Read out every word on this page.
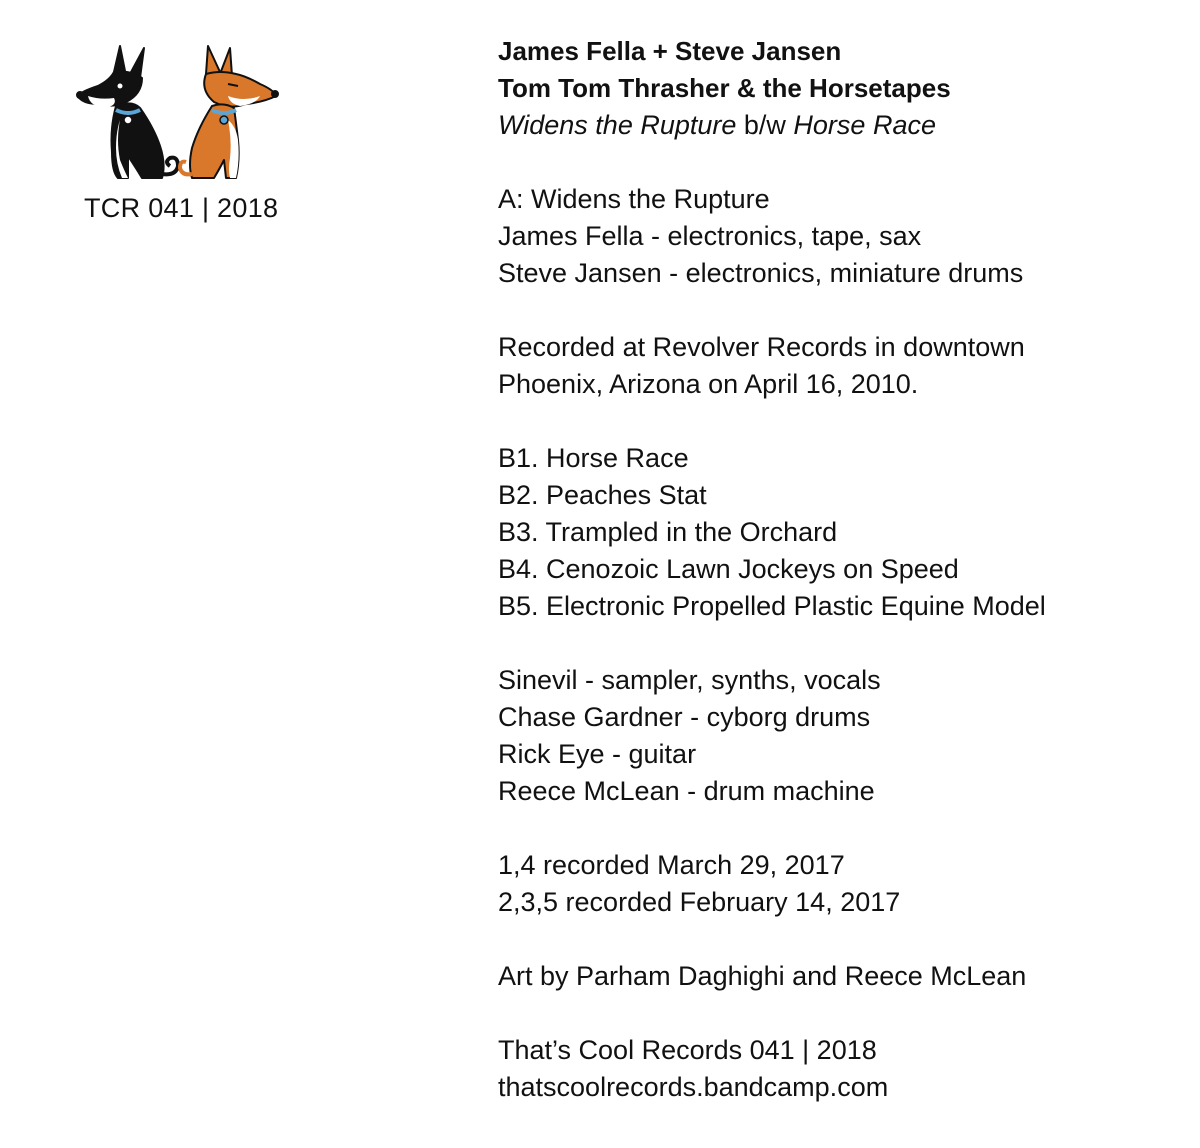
TCR 041 | 2018
James Fella + Steve Jansen
Tom Tom Thrasher & the Horsetapes
Widens the Rupture b/w Horse Race
A: Widens the Rupture
James Fella - electronics, tape, sax
Steve Jansen - electronics, miniature drums
Recorded at Revolver Records in downtown
Phoenix, Arizona on April 16, 2010.
B1. Horse Race
B2. Peaches Stat
B3. Trampled in the Orchard
B4. Cenozoic Lawn Jockeys on Speed
B5. Electronic Propelled Plastic Equine Model
Sinevil - sampler, synths, vocals
Chase Gardner - cyborg drums
Rick Eye - guitar
Reece McLean - drum machine
1,4 recorded March 29, 2017
2,3,5 recorded February 14, 2017
Art by Parham Daghighi and Reece McLean
That’s Cool Records 041 | 2018
thatscoolrecords.bandcamp.com
